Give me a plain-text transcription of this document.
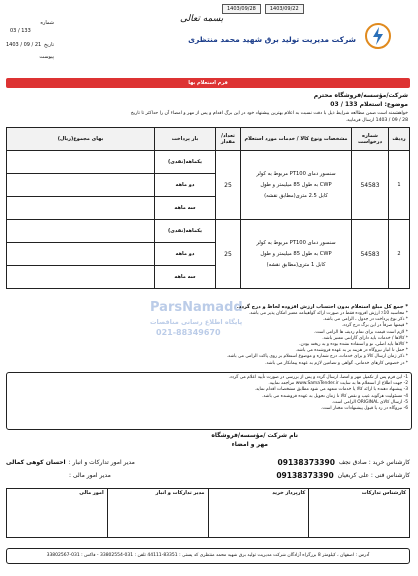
1403/09/28	1403/09/22
بسمه تعالی
شرکت مدیریت تولید برق شهید محمد منتظری
شماره
03 / 133
تاریخ
1403 / 09 / 21
پیوست
فرم استعلام بها
شرکت/مؤسسه/فروشگاه محترم
موضوع: استعلام 133 / 03
خواهشمند است ضمن مطالعه شرایط ذیل با دقت نسبت به اعلام بهترین پیشنهاد خود در این برگ اقدام و پس از مهر و امضاء آن را حداکثر تا تاریخ
28 / 09 / 1403 ارسال فرمایید.
ردیف	شماره درخواست	مشخصات ونوع کالا / خدمات مورد استعلام	تعداد/ مقدار	بار پرداخت	بهای مجموع(ریال)
1	54583	سنسور دمای PT100 مربوط به کولر
CWP به طول 85 میلیمتر و طول
کابل 2.5 متری(مطابق نقشه)	25	یکماهه(نقدی)	
				دو ماهه	
				سه ماهه	
2	54583	سنسور دمای PT100 مربوط به کولر
CWP به طول 85 میلیمتر و طول
کابل 1 متری(مطابق نقشه)	25	یکماهه(نقدی)	
				دو ماهه	
				سه ماهه	
ParsNamadd
پایگاه اطلاع رسانی مناقصات
021-88349670
* جمع کل مبلغ استعلام بدون احتساب ارزش افزوده لحاظ و درج گردد.
* محاسبه 10٪ ارزش افزوده فقط در صورت ارائه گواهینامه معتبر امکان پذیر می باشد.
* ذکر نوع پرداخت در جدول ، الزامی می باشد.
* قیمتها صرفاً در این برگ درج گردد.
* لازم است قیمت برای تمام ردیف ها الزامی است.
* کالاها / خدمات باید دارای گارانتی معتبر باشد.
* کالاها باید اصلی، نو و استفاده نشده بوده و به ریخته بودن.
* حمل تا انبار نیروگاه در هزینه بر به عهده فروشنده می باشد.
* ذکر زمان ارسال کالا و برای خدمات، درج شماره و موضوع استعلام بر روی پاکت الزامی می باشد.
* در خصوص کارهای خدماتی، گواهی و تضامین لازم به عهده پیمانکار می باشد.
1- این فرم پس از تکمیل مهر و امضا، ارسال گردد و پس از بررسی در صورت تأیید اعلام می گردد.
2- جهت اطلاع از استعلام ها به سایت www.SamaTender.ir مراجعه نمایید.
3- پیشنهاد دهنده با ارائه کالا یا خدمات متعهد می شود مطابق مشخصات اقدام نماید.
4- مسئولیت هرگونه عیب و نقص کالا تا زمان تحویل به عهده فروشنده می باشد.
5- ارسال کالای ORIGINAL الزامی است.
6- نیروگاه در رد یا قبول پیشنهادات مختار است.
نام شرکت /مؤسسه/فروشگاه
مهر و امضاء
کارشناس خرید : صادق نجف
09138373390
مدیر امور تدارکات و انبار :
احسان کوهی کمالی
کارشناس فنی : علی کربعیان
09138373390
مدیر امور مالی :
کارشناس تدارکات	کارپرداز خرید	مدیر تدارکات و انبار	امور مالی
آدرس : اصفهان ، کیلومتر 8 بزرگراه آزادگان شرکت مدیریت تولید برق شهید محمد منتظری کد پستی : 83351-44111 تلفن : 031-33802554 - فاکس : 031-33802567
